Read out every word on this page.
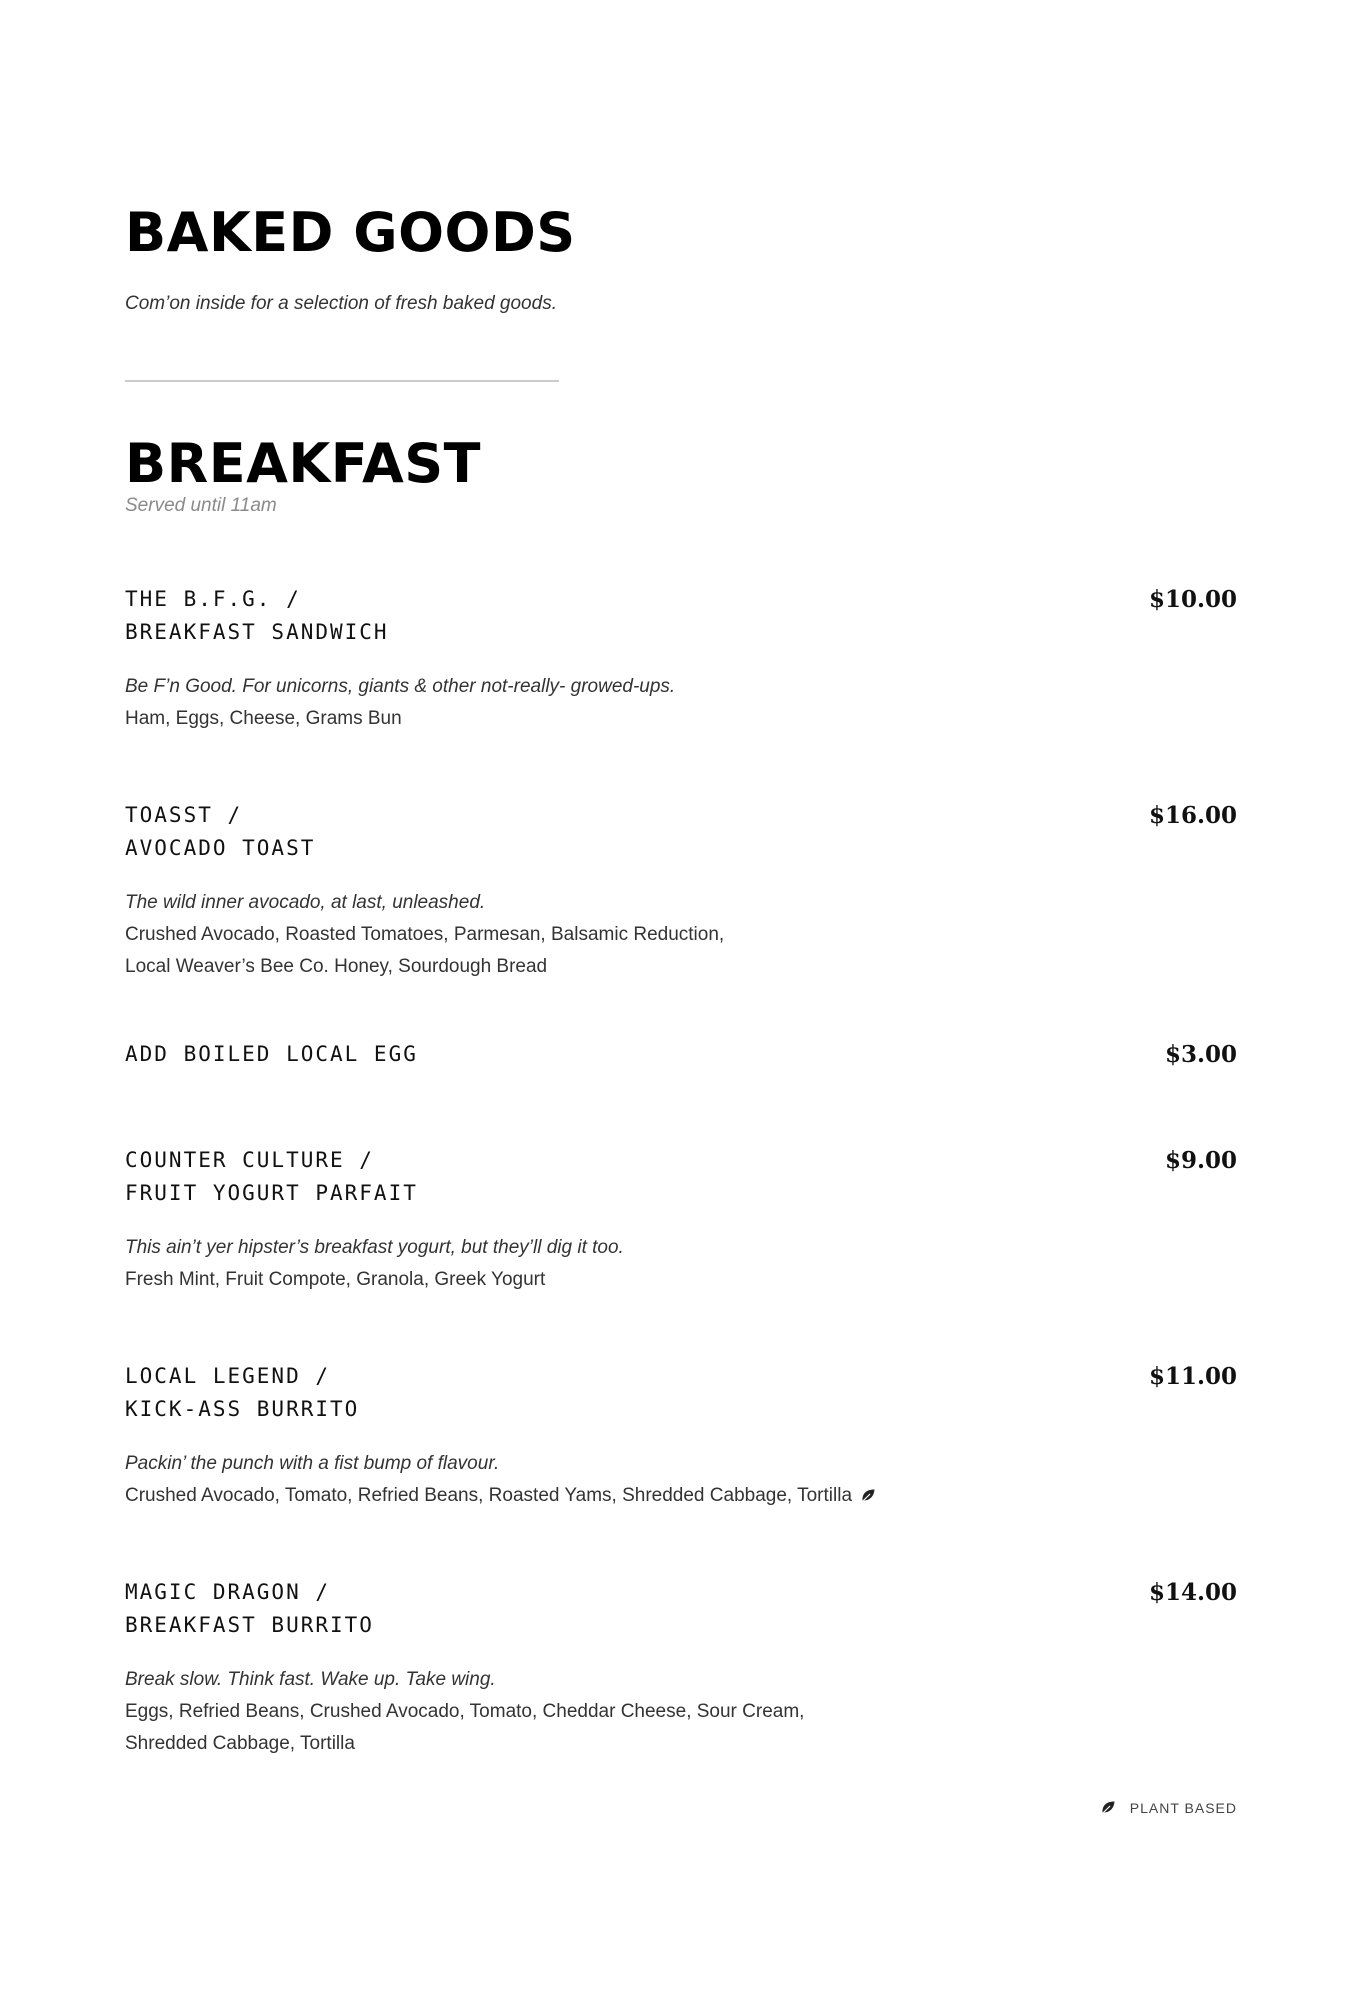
BAKED GOODS

Com’on inside for a selection of fresh baked goods.

BREAKFAST

Served until 11am

THE B.F.G. /
BREAKFAST SANDWICH
$10.00

Be F’n Good. For unicorns, giants & other not-really- growed-ups.

Ham, Eggs, Cheese, Grams Bun

TOASST /
AVOCADO TOAST
$16.00

The wild inner avocado, at last, unleashed.

Crushed Avocado, Roasted Tomatoes, Parmesan, Balsamic Reduction,

Local Weaver’s Bee Co. Honey, Sourdough Bread

ADD BOILED LOCAL EGG	$3.00
COUNTER CULTURE /
FRUIT YOGURT PARFAIT
$9.00

This ain’t yer hipster’s breakfast yogurt, but they’ll dig it too.

Fresh Mint, Fruit Compote, Granola, Greek Yogurt

LOCAL LEGEND /
KICK-ASS BURRITO
$11.00

Packin’ the punch with a fist bump of flavour.

Crushed Avocado, Tomato, Refried Beans, Roasted Yams, Shredded Cabbage, Tortilla

MAGIC DRAGON /
BREAKFAST BURRITO
$14.00

Break slow. Think fast. Wake up. Take wing.

Eggs, Refried Beans, Crushed Avocado, Tomato, Cheddar Cheese, Sour Cream,

Shredded Cabbage, Tortilla

PLANT BASED
